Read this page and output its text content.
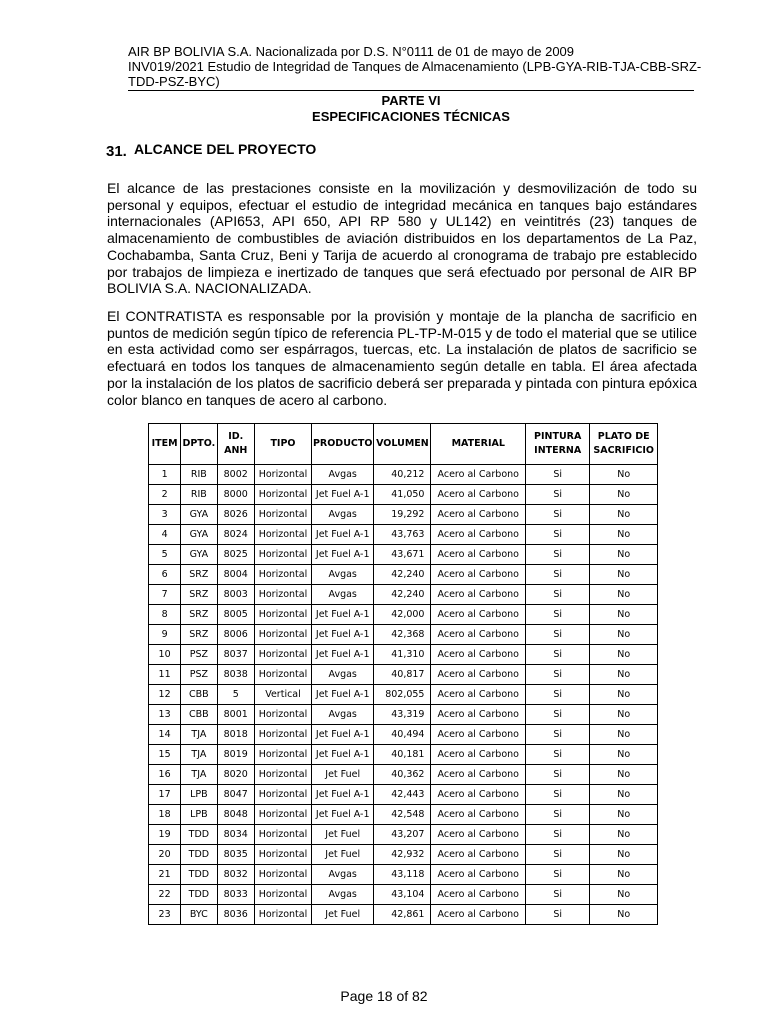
AIR BP BOLIVIA S.A. Nacionalizada por D.S. N°0111 de 01 de mayo de 2009
INV019/2021 Estudio de Integridad de Tanques de Almacenamiento (LPB-GYA-RIB-TJA-CBB-SRZ-
TDD-PSZ-BYC)
PARTE VI
ESPECIFICACIONES TÉCNICAS
31. ALCANCE DEL PROYECTO

El alcance de las prestaciones consiste en la movilización y desmovilización de todo su personal y equipos, efectuar el estudio de integridad mecánica en tanques bajo estándares internacionales (API653, API 650, API RP 580 y UL142) en veintitrés (23) tanques de almacenamiento de combustibles de aviación distribuidos en los departamentos de La Paz, Cochabamba, Santa Cruz, Beni y Tarija de acuerdo al cronograma de trabajo pre establecido por trabajos de limpieza e inertizado de tanques que será efectuado por personal de AIR BP BOLIVIA S.A. NACIONALIZADA.

El CONTRATISTA es responsable por la provisión y montaje de la plancha de sacrificio en puntos de medición según típico de referencia PL-TP-M-015 y de todo el material que se utilice en esta actividad como ser espárragos, tuercas, etc. La instalación de platos de sacrificio se efectuará en todos los tanques de almacenamiento según detalle en tabla. El área afectada por la instalación de los platos de sacrificio deberá ser preparada y pintada con pintura epóxica color blanco en tanques de acero al carbono.

ITEM	DPTO.	ID. ANH	TIPO	PRODUCTO	VOLUMEN	MATERIAL	PINTURA INTERNA	PLATO DE SACRIFICIO
1	RIB	8002	Horizontal	Avgas	40,212	Acero al Carbono	Si	No
2	RIB	8000	Horizontal	Jet Fuel A-1	41,050	Acero al Carbono	Si	No
3	GYA	8026	Horizontal	Avgas	19,292	Acero al Carbono	Si	No
4	GYA	8024	Horizontal	Jet Fuel A-1	43,763	Acero al Carbono	Si	No
5	GYA	8025	Horizontal	Jet Fuel A-1	43,671	Acero al Carbono	Si	No
6	SRZ	8004	Horizontal	Avgas	42,240	Acero al Carbono	Si	No
7	SRZ	8003	Horizontal	Avgas	42,240	Acero al Carbono	Si	No
8	SRZ	8005	Horizontal	Jet Fuel A-1	42,000	Acero al Carbono	Si	No
9	SRZ	8006	Horizontal	Jet Fuel A-1	42,368	Acero al Carbono	Si	No
10	PSZ	8037	Horizontal	Jet Fuel A-1	41,310	Acero al Carbono	Si	No
11	PSZ	8038	Horizontal	Avgas	40,817	Acero al Carbono	Si	No
12	CBB	5	Vertical	Jet Fuel A-1	802,055	Acero al Carbono	Si	No
13	CBB	8001	Horizontal	Avgas	43,319	Acero al Carbono	Si	No
14	TJA	8018	Horizontal	Jet Fuel A-1	40,494	Acero al Carbono	Si	No
15	TJA	8019	Horizontal	Jet Fuel A-1	40,181	Acero al Carbono	Si	No
16	TJA	8020	Horizontal	Jet Fuel	40,362	Acero al Carbono	Si	No
17	LPB	8047	Horizontal	Jet Fuel A-1	42,443	Acero al Carbono	Si	No
18	LPB	8048	Horizontal	Jet Fuel A-1	42,548	Acero al Carbono	Si	No
19	TDD	8034	Horizontal	Jet Fuel	43,207	Acero al Carbono	Si	No
20	TDD	8035	Horizontal	Jet Fuel	42,932	Acero al Carbono	Si	No
21	TDD	8032	Horizontal	Avgas	43,118	Acero al Carbono	Si	No
22	TDD	8033	Horizontal	Avgas	43,104	Acero al Carbono	Si	No
23	BYC	8036	Horizontal	Jet Fuel	42,861	Acero al Carbono	Si	No
Page 18 of 82
